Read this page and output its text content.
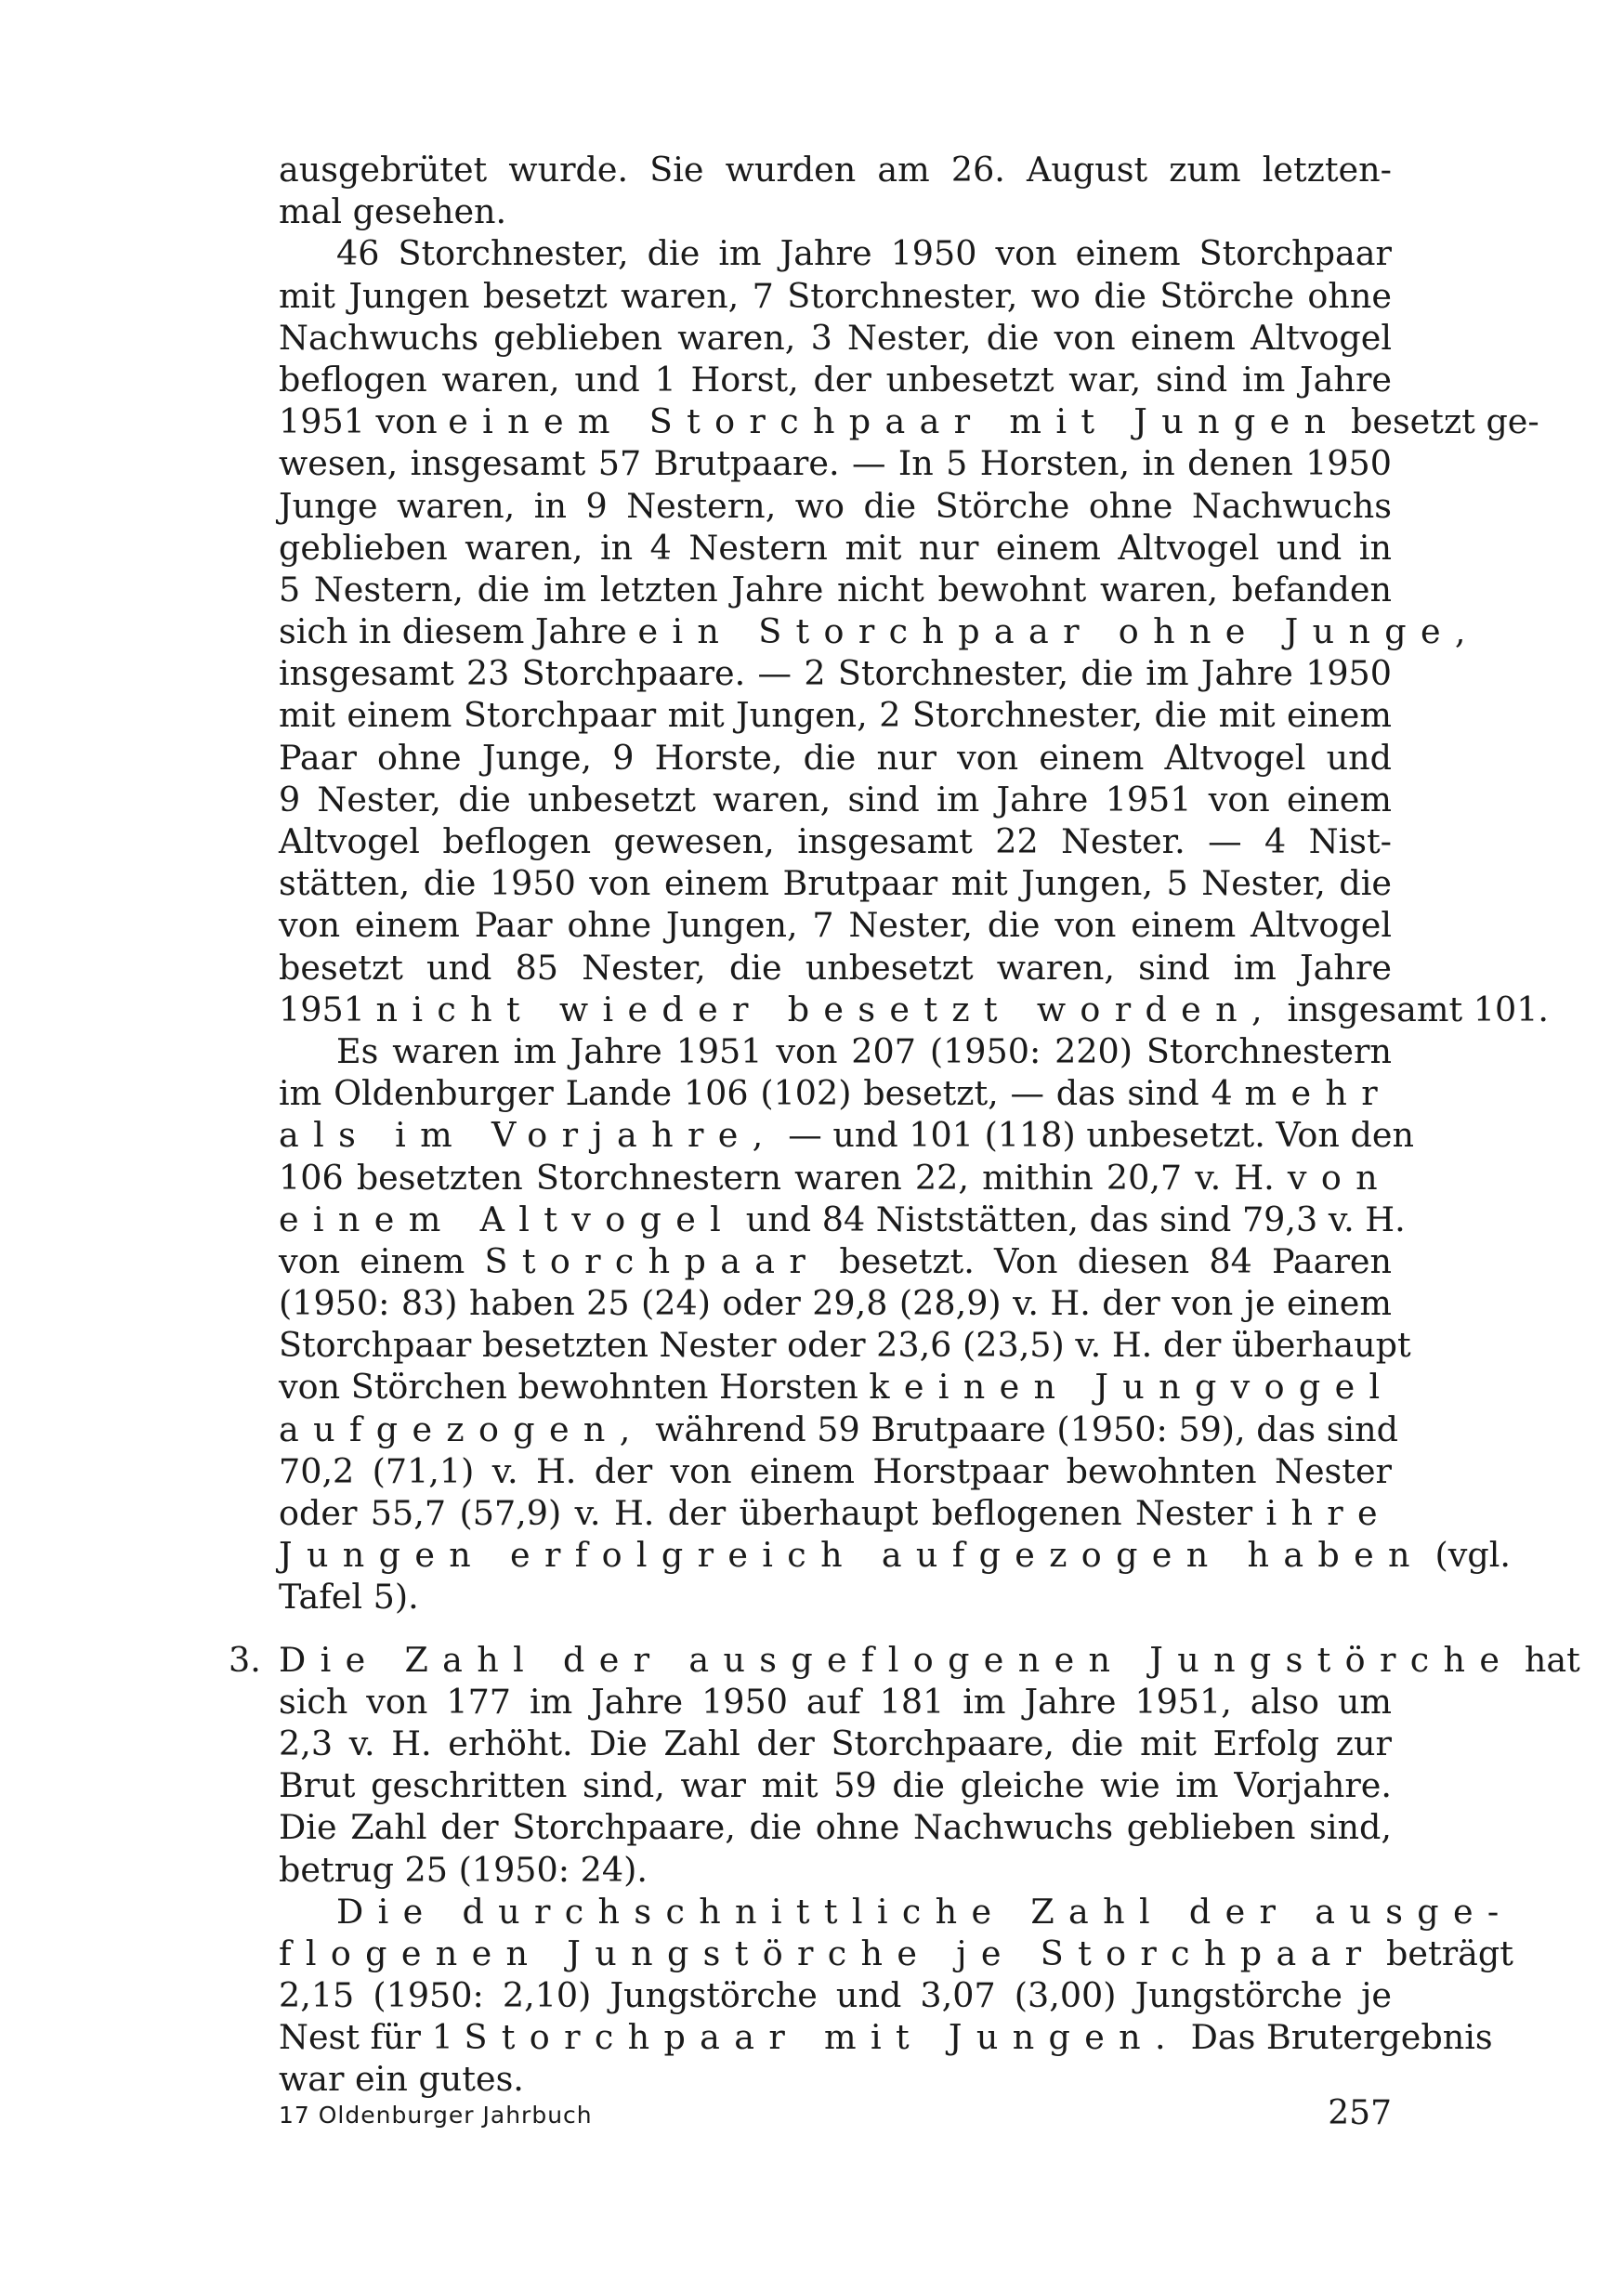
ausgebrütet wurde. Sie wurden am 26. August zum letzten-
mal gesehen.
46 Storchnester, die im Jahre 1950 von einem Storchpaar
mit Jungen besetzt waren, 7 Storchnester, wo die Störche ohne
Nachwuchs geblieben waren, 3 Nester, die von einem Altvogel
beflogen waren, und 1 Horst, der unbesetzt war, sind im Jahre
1951 von einem Storchpaar mit Jungen besetzt ge-
wesen, insgesamt 57 Brutpaare. — In 5 Horsten, in denen 1950
Junge waren, in 9 Nestern, wo die Störche ohne Nachwuchs
geblieben waren, in 4 Nestern mit nur einem Altvogel und in
5 Nestern, die im letzten Jahre nicht bewohnt waren, befanden
sich in diesem Jahre ein Storchpaar ohne Junge,
insgesamt 23 Storchpaare. — 2 Storchnester, die im Jahre 1950
mit einem Storchpaar mit Jungen, 2 Storchnester, die mit einem
Paar ohne Junge, 9 Horste, die nur von einem Altvogel und
9 Nester, die unbesetzt waren, sind im Jahre 1951 von einem
Altvogel beflogen gewesen, insgesamt 22 Nester. — 4 Nist-
stätten, die 1950 von einem Brutpaar mit Jungen, 5 Nester, die
von einem Paar ohne Jungen, 7 Nester, die von einem Altvogel
besetzt und 85 Nester, die unbesetzt waren, sind im Jahre
1951 nicht wieder besetzt worden, insgesamt 101.
Es waren im Jahre 1951 von 207 (1950: 220) Storchnestern
im Oldenburger Lande 106 (102) besetzt, — das sind 4 mehr
als im Vorjahre, — und 101 (118) unbesetzt. Von den
106 besetzten Storchnestern waren 22, mithin 20,7 v. H. von
einem Altvogel und 84 Niststätten, das sind 79,3 v. H.
von einem Storchpaar besetzt. Von diesen 84 Paaren
(1950: 83) haben 25 (24) oder 29,8 (28,9) v. H. der von je einem
Storchpaar besetzten Nester oder 23,6 (23,5) v. H. der überhaupt
von Störchen bewohnten Horsten keinen Jungvogel
aufgezogen, während 59 Brutpaare (1950: 59), das sind
70,2 (71,1) v. H. der von einem Horstpaar bewohnten Nester
oder 55,7 (57,9) v. H. der überhaupt beflogenen Nester ihre
Jungen erfolgreich aufgezogen haben (vgl.
Tafel 5).
3. Die Zahl der ausgeflogenen Jungstörche hat
sich von 177 im Jahre 1950 auf 181 im Jahre 1951, also um
2,3 v. H. erhöht. Die Zahl der Storchpaare, die mit Erfolg zur
Brut geschritten sind, war mit 59 die gleiche wie im Vorjahre.
Die Zahl der Storchpaare, die ohne Nachwuchs geblieben sind,
betrug 25 (1950: 24).
Die durchschnittliche Zahl der ausge-
flogenen Jungstörche je Storchpaar beträgt
2,15 (1950: 2,10) Jungstörche und 3,07 (3,00) Jungstörche je
Nest für 1 Storchpaar mit Jungen. Das Brutergebnis
war ein gutes.
17 Oldenburger Jahrbuch	257
